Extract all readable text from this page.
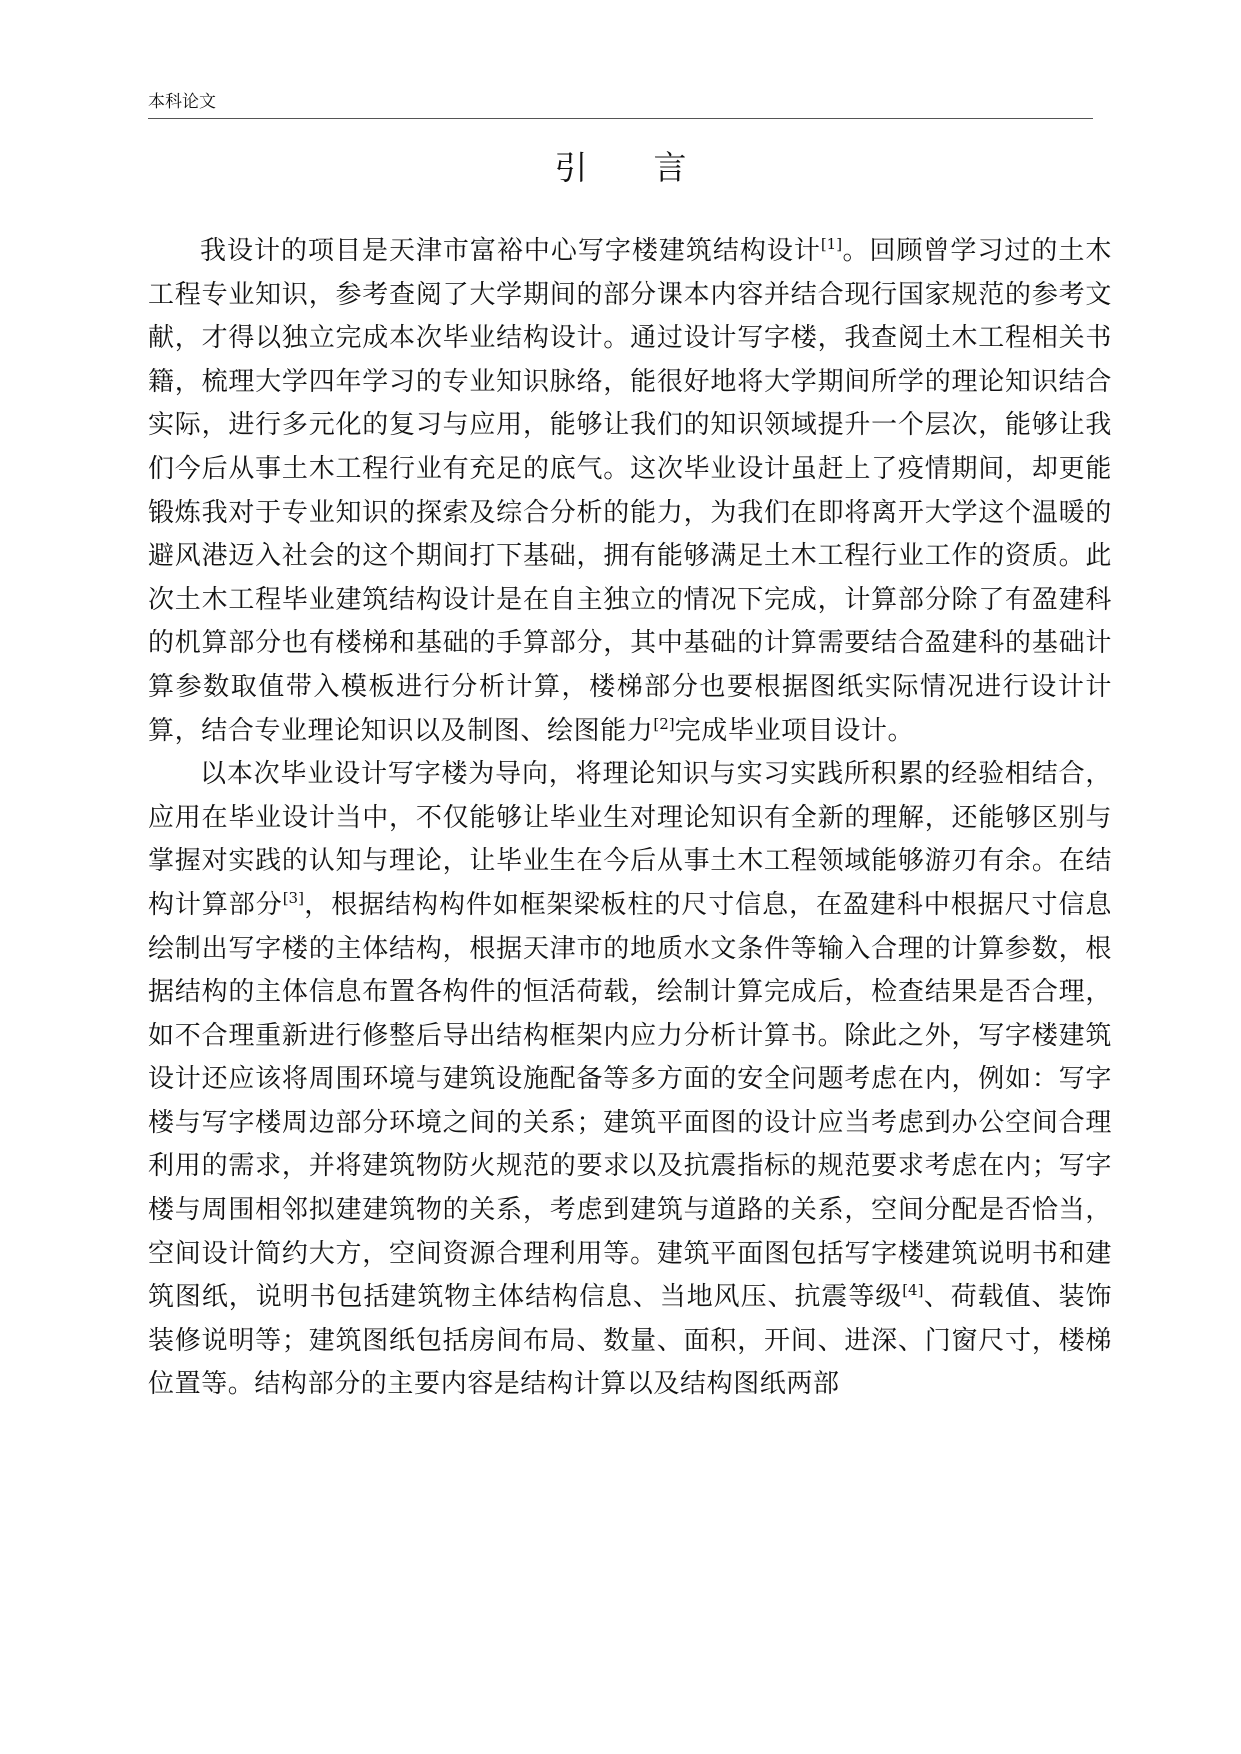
本科论文
引 言

我设计的项目是天津市富裕中心写字楼建筑结构设计[1]。回顾曾学习过的土木工程专业知识，参考查阅了大学期间的部分课本内容并结合现行国家规范的参考文献，才得以独立完成本次毕业结构设计。通过设计写字楼，我查阅土木工程相关书籍，梳理大学四年学习的专业知识脉络，能很好地将大学期间所学的理论知识结合实际，进行多元化的复习与应用，能够让我们的知识领域提升一个层次，能够让我们今后从事土木工程行业有充足的底气。这次毕业设计虽赶上了疫情期间，却更能锻炼我对于专业知识的探索及综合分析的能力，为我们在即将离开大学这个温暖的避风港迈入社会的这个期间打下基础，拥有能够满足土木工程行业工作的资质。此次土木工程毕业建筑结构设计是在自主独立的情况下完成，计算部分除了有盈建科的机算部分也有楼梯和基础的手算部分，其中基础的计算需要结合盈建科的基础计算参数取值带入模板进行分析计算，楼梯部分也要根据图纸实际情况进行设计计算，结合专业理论知识以及制图、绘图能力[2]完成毕业项目设计。

以本次毕业设计写字楼为导向，将理论知识与实习实践所积累的经验相结合，应用在毕业设计当中，不仅能够让毕业生对理论知识有全新的理解，还能够区别与掌握对实践的认知与理论，让毕业生在今后从事土木工程领域能够游刃有余。在结构计算部分[3]，根据结构构件如框架梁板柱的尺寸信息，在盈建科中根据尺寸信息绘制出写字楼的主体结构，根据天津市的地质水文条件等输入合理的计算参数，根据结构的主体信息布置各构件的恒活荷载，绘制计算完成后，检查结果是否合理，如不合理重新进行修整后导出结构框架内应力分析计算书。除此之外，写字楼建筑设计还应该将周围环境与建筑设施配备等多方面的安全问题考虑在内，例如：写字楼与写字楼周边部分环境之间的关系；建筑平面图的设计应当考虑到办公空间合理利用的需求，并将建筑物防火规范的要求以及抗震指标的规范要求考虑在内；写字楼与周围相邻拟建建筑物的关系，考虑到建筑与道路的关系，空间分配是否恰当，空间设计简约大方，空间资源合理利用等。建筑平面图包括写字楼建筑说明书和建筑图纸，说明书包括建筑物主体结构信息、当地风压、抗震等级[4]、荷载值、装饰装修说明等；建筑图纸包括房间布局、数量、面积，开间、进深、门窗尺寸，楼梯位置等。结构部分的主要内容是结构计算以及结构图纸两部
